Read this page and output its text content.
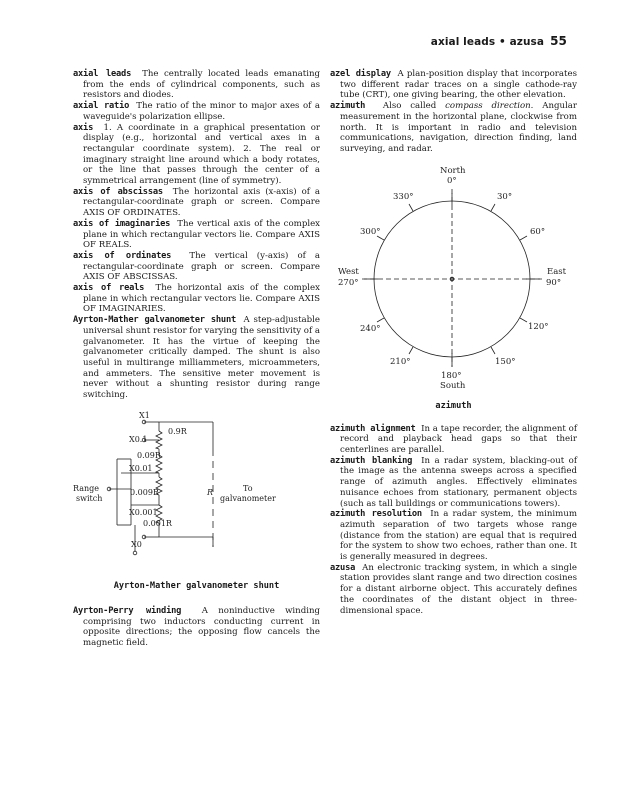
axial leads • azusa 55

axial leads The centrally located leads emanating from the ends of cylindrical components, such as resistors and diodes.

axial ratio The ratio of the minor to major axes of a waveguide's polarization ellipse.

axis 1. A coordinate in a graphical presentation or display (e.g., horizontal and vertical axes in a rectangular coordinate system). 2. The real or imaginary straight line around which a body rotates, or the line that passes through the center of a symmetrical arrangement (line of symmetry).

axis of abscissas The horizontal axis (x-axis) of a rectangular-coordinate graph or screen. Compare AXIS OF ORDINATES.

axis of imaginaries The vertical axis of the complex plane in which rectangular vectors lie. Compare AXIS OF REALS.

axis of ordinates The vertical (y-axis) of a rectangular-coordinate graph or screen. Compare AXIS OF ABSCISSAS.

axis of reals The horizontal axis of the complex plane in which rectangular vectors lie. Compare AXIS OF IMAGINARIES.

Ayrton-Mather galvanometer shunt A step-adjustable universal shunt resistor for varying the sensitivity of a galvanometer. It has the virtue of keeping the galvanometer critically damped. The shunt is also useful in multirange milliammeters, microammeters, and ammeters. The sensitive meter movement is never without a shunting resistor during range switching.

X1
X0.1
X0.01
X0.001
X0
0.9R
0.09R
0.009R
0.001R
Range
switch
R	To
galvanometer
Ayrton-Mather galvanometer shunt

Ayrton-Perry winding A noninductive winding comprising two inductors conducting current in opposite directions; the opposing flow cancels the magnetic field.

azel display A plan-position display that incorporates two different radar traces on a single cathode-ray tube (CRT), one giving bearing, the other elevation.

azimuth Also called compass direction. Angular measurement in the horizontal plane, clockwise from north. It is important in radio and television communications, navigation, direction finding, land surveying, and radar.

North
0°
180°
South
East
90°
West
270°
330°	30°
300°	60°
240°	120°
210°	150°
azimuth

azimuth alignment In a tape recorder, the alignment of record and playback head gaps so that their centerlines are parallel.

azimuth blanking In a radar system, blacking-out of the image as the antenna sweeps across a specified range of azimuth angles. Effectively eliminates nuisance echoes from stationary, permanent objects (such as tall buildings or communications towers).

azimuth resolution In a radar system, the minimum azimuth separation of two targets whose range (distance from the station) are equal that is required for the system to show two echoes, rather than one. It is generally measured in degrees.

azusa An electronic tracking system, in which a single station provides slant range and two direction cosines for a distant airborne object. This accurately defines the coordinates of the distant object in three-dimensional space.
